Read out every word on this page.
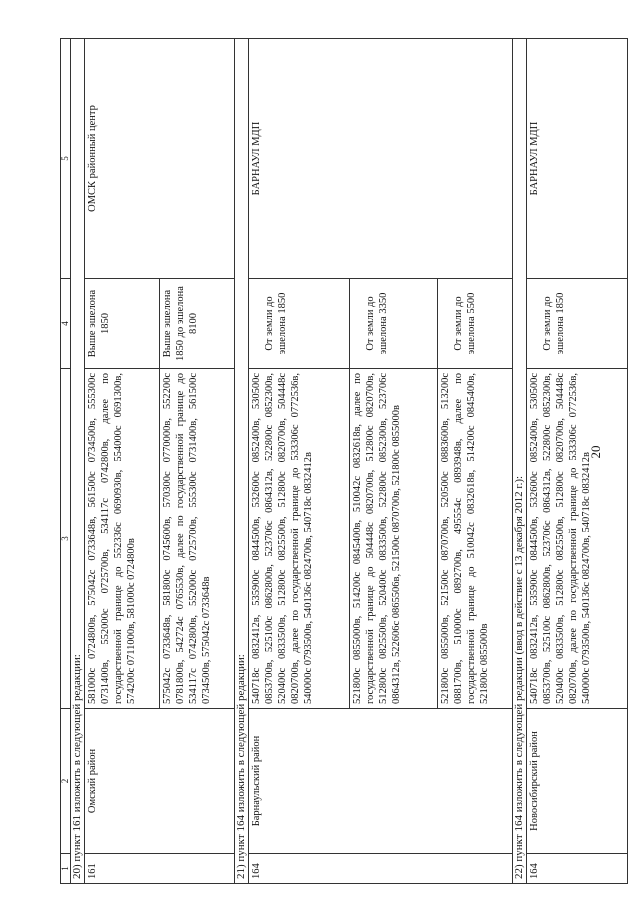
20
1	2	3	4	5
20) пункт 161 изложить в следующей редакции:				
161	Омский район	581000с 0724800в, 575042с 0733648в, 561500с 0734500в, 555300с 0731400в, 552000с 0725700в, 534117с 0742800в, далее по государственной границе до 552336с 0690930в, 554000с 0691300в, 574200с 0711000в, 581000с 0724800в	Выше эшелона 1850	ОМСК районный центр
		575042с 0733648в, 581800с 0745600в, 570300с 0770000в, 552200с 0781800в, 542724с 0765530в, далее по государственной границе до 534117с 0742800в, 552000с 0725700в, 555300с 0731400в, 561500с 0734500в, 575042с 0733648в	Выше эшелона 1850 до эшелона 8100	
21) пункт 164 изложить в следующей редакции:				
164	Барнаульский район	540718с 0832412в, 535900с 0844500в, 532600с 0852400в, 530500с 0853700в, 525100с 0862800в, 523706с 0864312в, 522800с 0852300в, 520400с 0833500в, 512800с 0825500в, 512800с 0820700в, 504448с 0820700в, далее по государственной границе до 533306с 0772536в, 540000с 0793500в, 540136с 0824700в, 540718с 0832412в	От земли до эшелона 1850	БАРНАУЛ МДП
		521800с 0855000в, 514200с 0845400в, 510042с 0832618в, далее по государственной границе до 504448с 0820700в, 512800с 0820700в, 512800с 0825500в, 520400с 0833500в, 522800с 0852300в, 523706с 0864312в, 522606с 0865506в, 521500с 0870700в, 521800с 0855000в	От земли до эшелона 3350	
		521800с 0855000в, 521500с 0870700в, 520500с 0883600в, 513200с 0881700в, 510000с 0892700в, 495554с 0893948в, далее по государственной границе до 510042с 0832618в, 514200с 0845400в, 521800с 0855000в	От земли до эшелона 5500	
22) пункт 164 изложить в следующей редакции (ввод в действие с 13 декабря 2012 г.):				
164	Новосибирский район	540718с 0832412в, 535900с 0844500в, 532600с 0852400в, 530500с 0853700в, 525100с 0862800в, 523706с 0864312в, 522800с 0852300в, 520400с 0833500в, 512800с 0825500в, 512800с 0820700в, 504448с 0820700в, далее по государственной границе до 533306с 0772536в, 540000с 0793500в, 540136с 0824700в, 540718с 0832412в	От земли до эшелона 1850	БАРНАУЛ МДП
